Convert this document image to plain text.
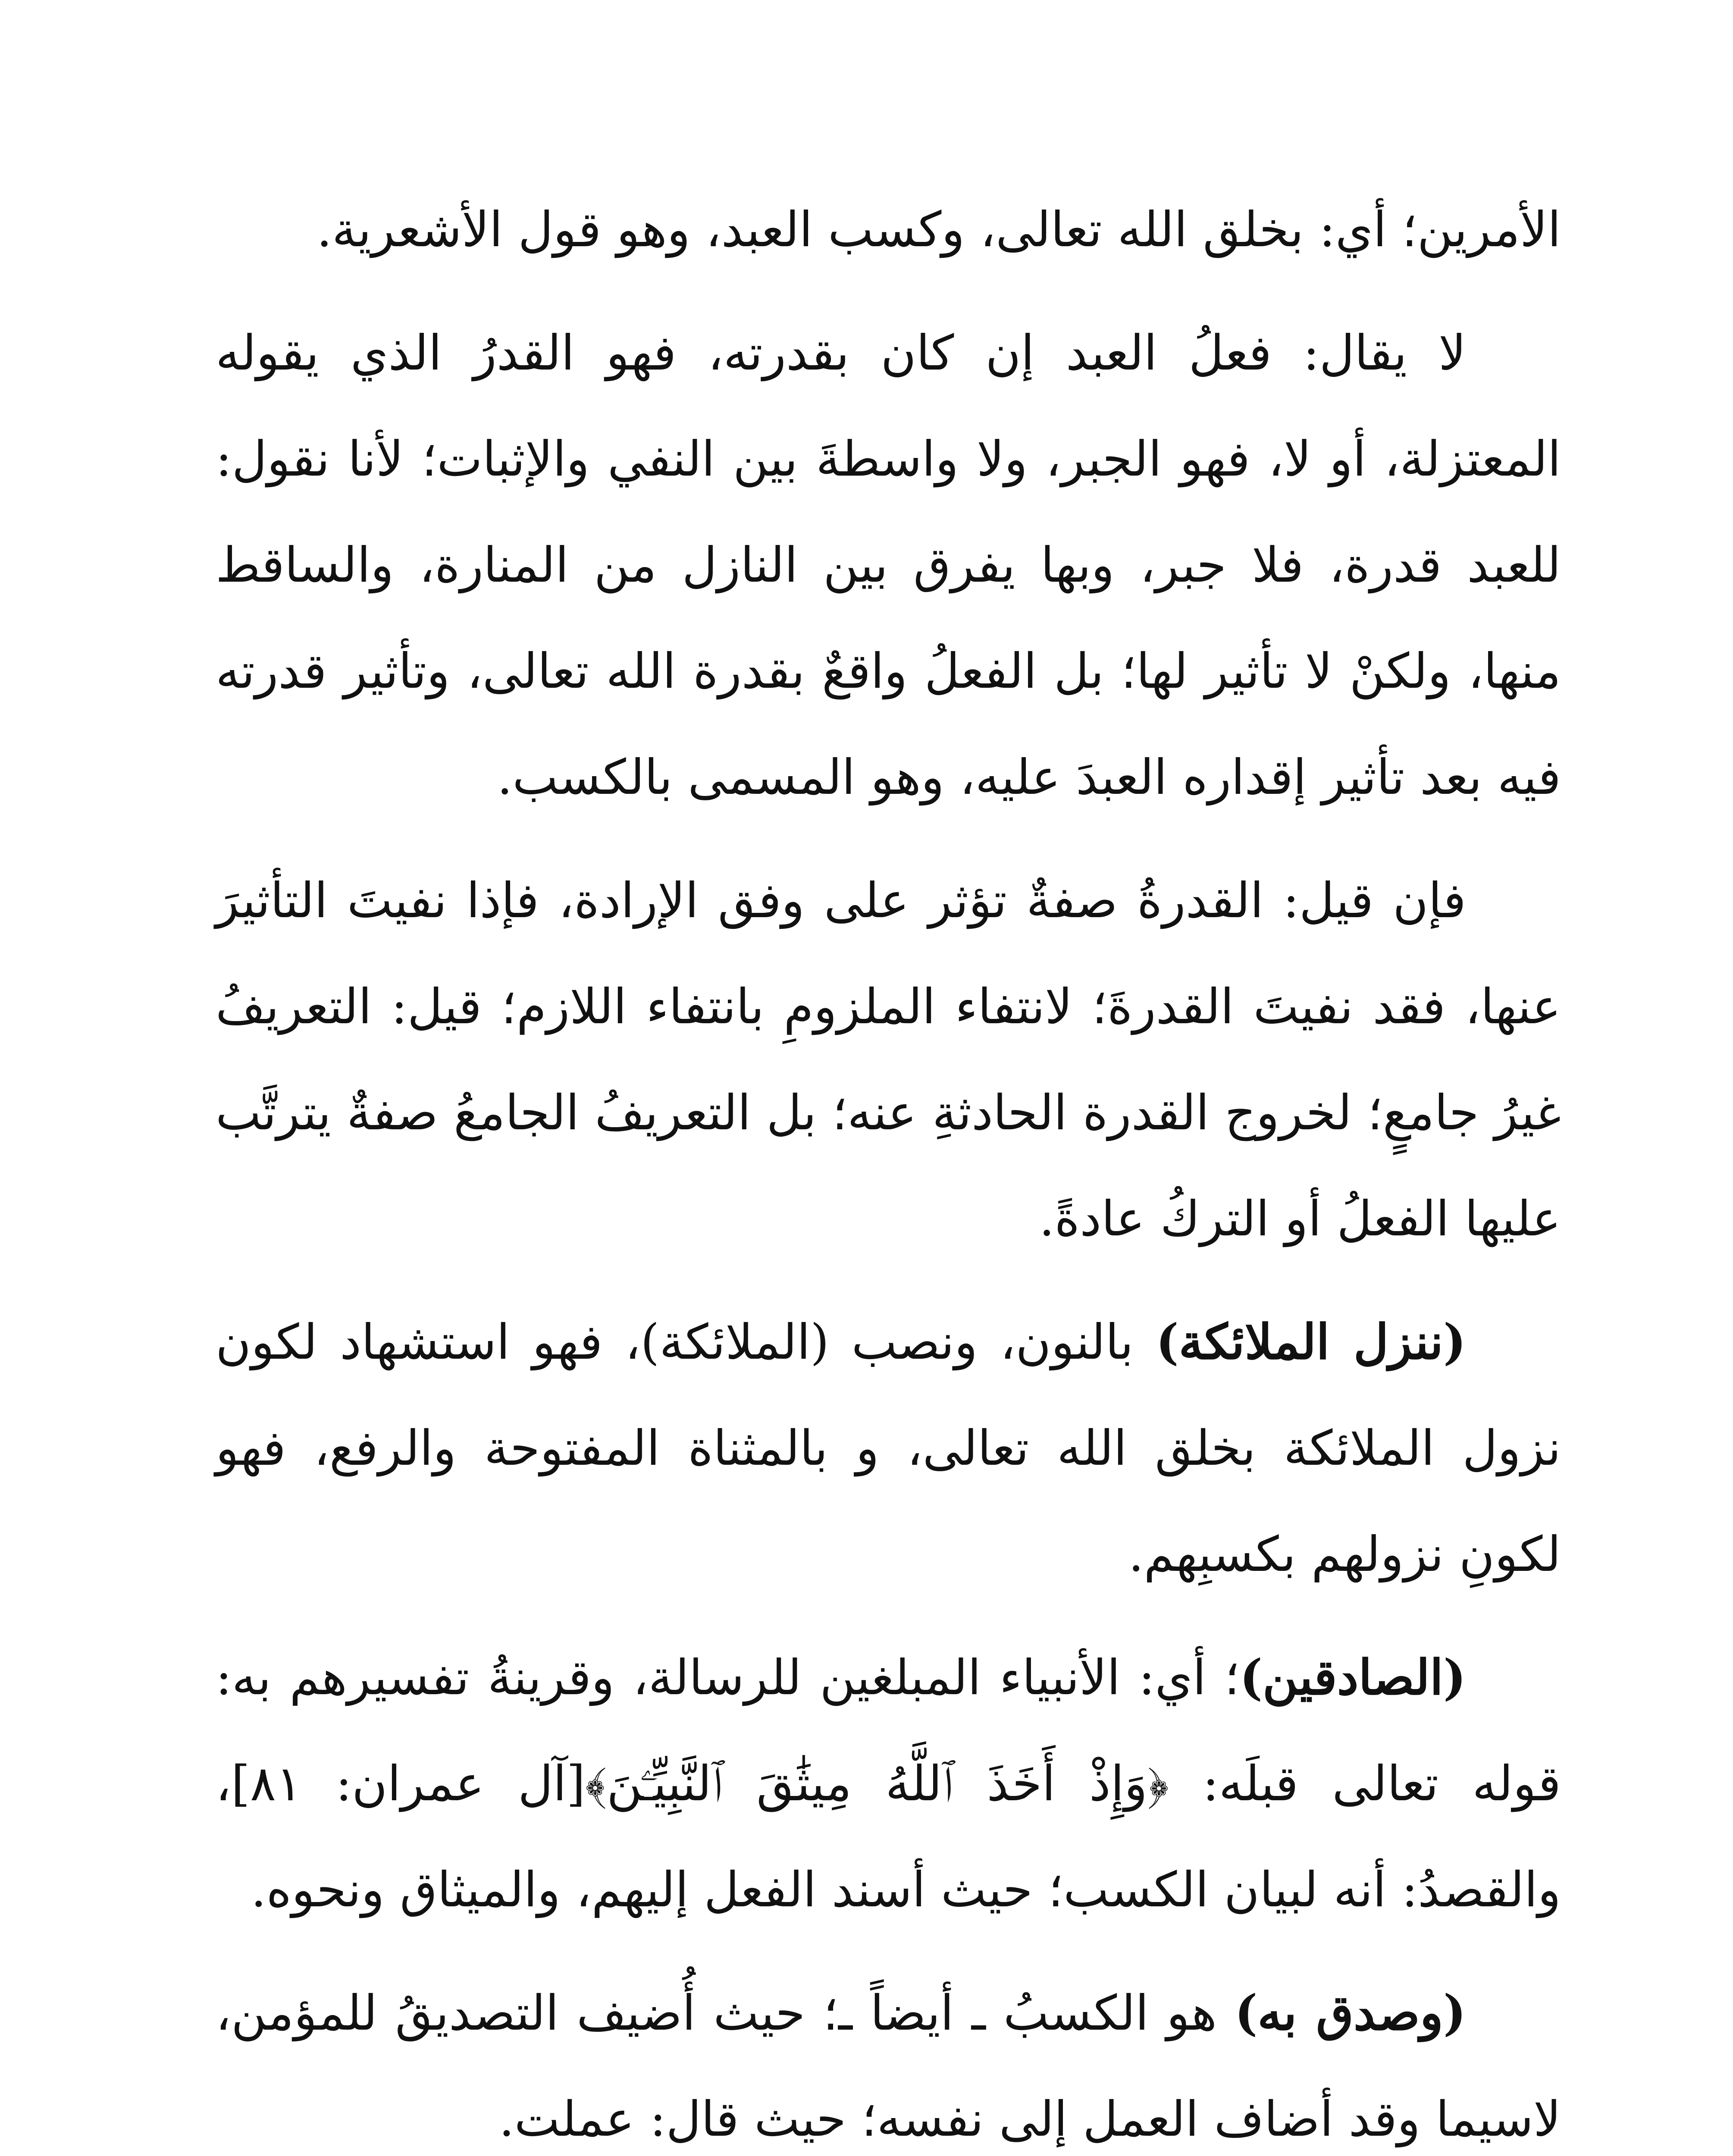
الأمرين؛ أي: بخلق الله تعالى، وكسب العبد، وهو قول الأشعرية.

لا يقال: فعلُ العبد إن كان بقدرته، فهو القدرُ الذي يقوله المعتزلة، أو لا، فهو الجبر، ولا واسطةَ بين النفي والإثبات؛ لأنا نقول: للعبد قدرة، فلا جبر، وبها يفرق بين النازل من المنارة، والساقط منها، ولكنْ لا تأثير لها؛ بل الفعلُ واقعٌ بقدرة الله تعالى، وتأثير قدرته فيه بعد تأثير إقداره العبدَ عليه، وهو المسمى بالكسب.

فإن قيل: القدرةُ صفةٌ تؤثر على وفق الإرادة، فإذا نفيتَ التأثيرَ عنها، فقد نفيتَ القدرةَ؛ لانتفاء الملزومِ بانتفاء اللازم؛ قيل: التعريفُ غيرُ جامعٍ؛ لخروج القدرة الحادثةِ عنه؛ بل التعريفُ الجامعُ صفةٌ يترتَّب عليها الفعلُ أو التركُ عادةً.

(ننزل الملائكة) بالنون، ونصب (الملائكة)، فهو استشهاد لكون نزول الملائكة بخلق الله تعالى، و بالمثناة المفتوحة والرفع، فهو لكونِ نزولهم بكسبِهم.

(الصادقين)؛ أي: الأنبياء المبلغين للرسالة، وقرينةُ تفسيرهم به: قوله تعالى قبلَه: ﴿وَإِذْ أَخَذَ ٱللَّهُ مِيثَٰقَ ٱلنَّبِيِّـۧنَ﴾[آل عمران: ٨١]، والقصدُ: أنه لبيان الكسب؛ حيث أسند الفعل إليهم، والميثاق ونحوه.

(وصدق به) هو الكسبُ ـ أيضاً ـ؛ حيث أُضيف التصديقُ للمؤمن، لاسيما وقد أضاف العمل إلى نفسه؛ حيث قال: عملت.
